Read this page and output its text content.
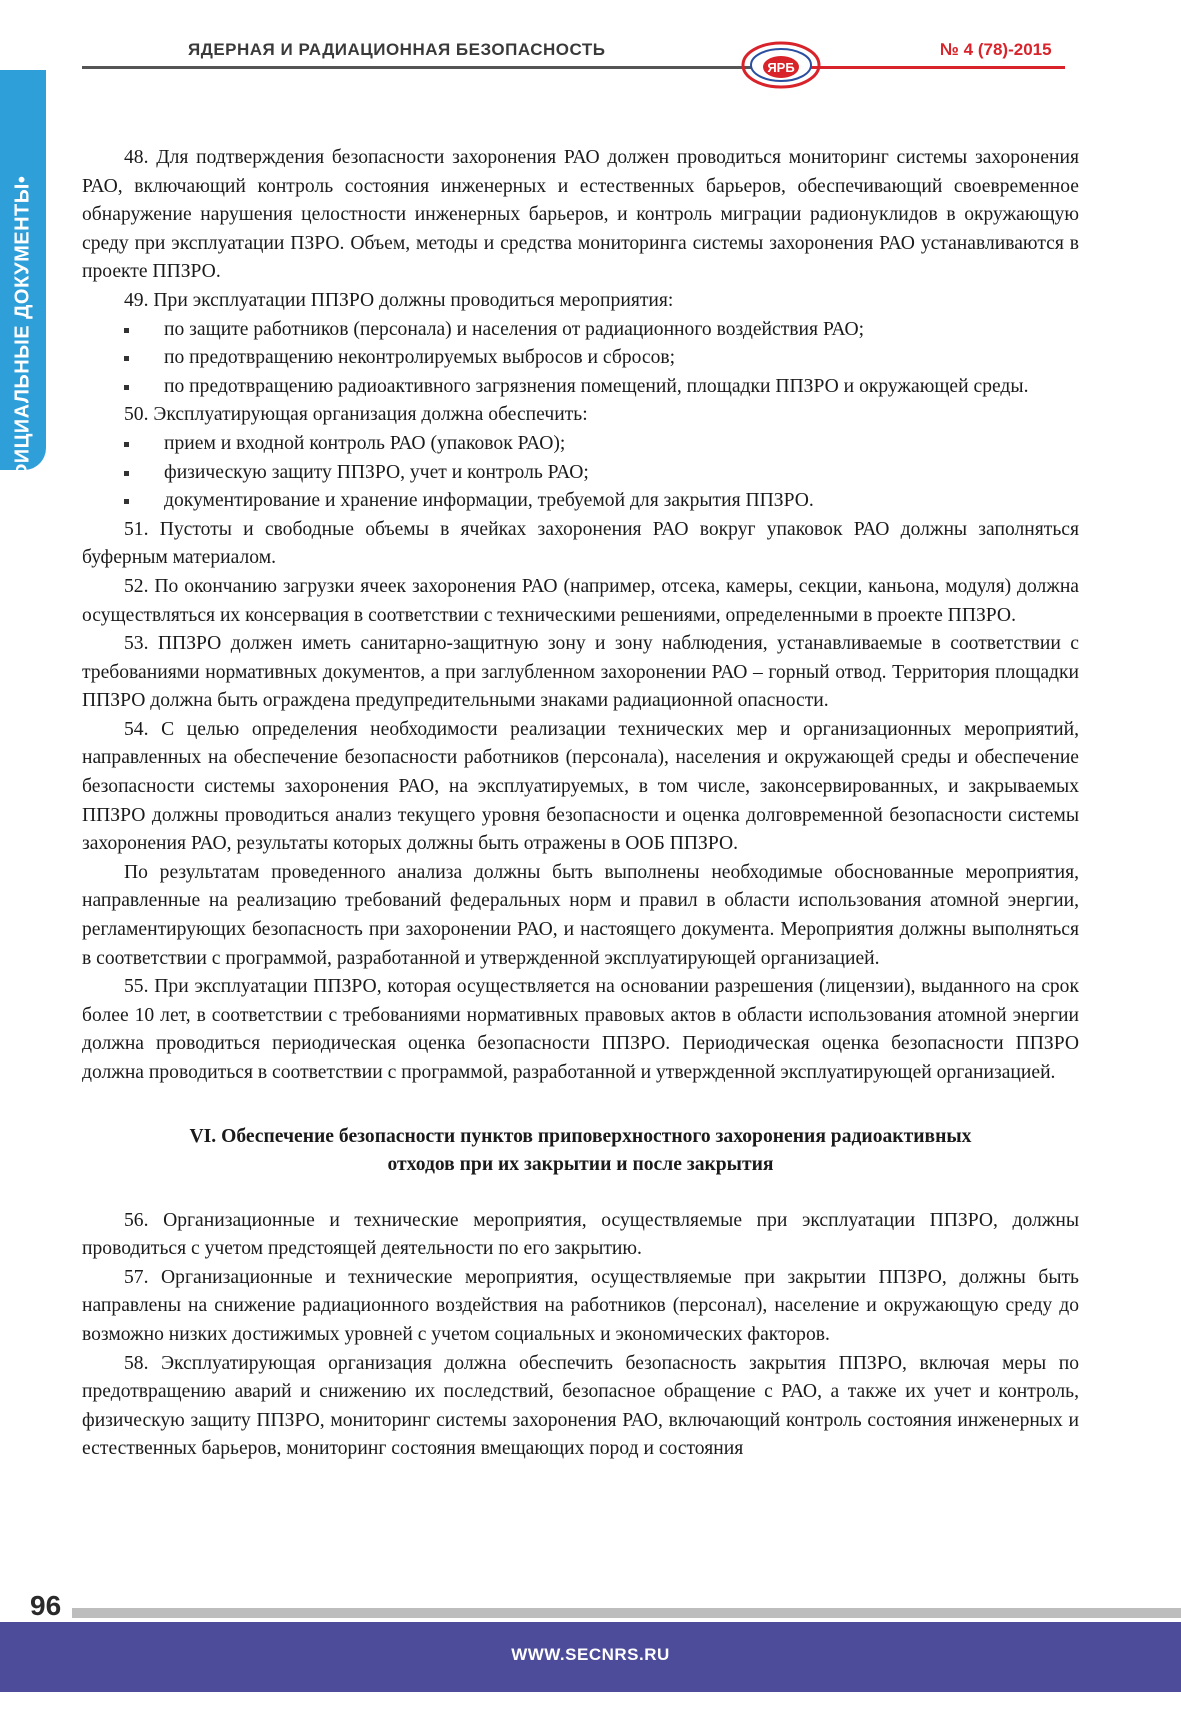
ЯДЕРНАЯ И РАДИАЦИОННАЯ БЕЗОПАСНОСТЬ
ЯРБ
№ 4 (78)-2015
•ОФИЦИАЛЬНЫЕ ДОКУМЕНТЫ•

48. Для подтверждения безопасности захоронения РАО должен проводиться мониторинг системы захоронения РАО, включающий контроль состояния инженерных и естественных барьеров, обеспечивающий своевременное обнаружение нарушения целостности инженерных барьеров, и контроль миграции радионуклидов в окружающую среду при эксплуатации ПЗРО. Объем, методы и средства мониторинга системы захоронения РАО устанавливаются в проекте ППЗРО.

49. При эксплуатации ППЗРО должны проводиться мероприятия:

по защите работников (персонала) и населения от радиационного воздействия РАО;

по предотвращению неконтролируемых выбросов и сбросов;

по предотвращению радиоактивного загрязнения помещений, площадки ППЗРО и окружающей среды.

50. Эксплуатирующая организация должна обеспечить:

прием и входной контроль РАО (упаковок РАО);

физическую защиту ППЗРО, учет и контроль РАО;

документирование и хранение информации, требуемой для закрытия ППЗРО.

51. Пустоты и свободные объемы в ячейках захоронения РАО вокруг упаковок РАО должны заполняться буферным материалом.

52. По окончанию загрузки ячеек захоронения РАО (например, отсека, камеры, секции, каньона, модуля) должна осуществляться их консервация в соответствии с техническими решениями, определенными в проекте ППЗРО.

53. ППЗРО должен иметь санитарно-защитную зону и зону наблюдения, устанавливаемые в соответствии с требованиями нормативных документов, а при заглубленном захоронении РАО – горный отвод. Территория площадки ППЗРО должна быть ограждена предупредительными знаками радиационной опасности.

54. С целью определения необходимости реализации технических мер и организационных мероприятий, направленных на обеспечение безопасности работников (персонала), населения и окружающей среды и обеспечение безопасности системы захоронения РАО, на эксплуатируемых, в том числе, законсервированных, и закрываемых ППЗРО должны проводиться анализ текущего уровня безопасности и оценка долговременной безопасности системы захоронения РАО, результаты которых должны быть отражены в ООБ ППЗРО.

По результатам проведенного анализа должны быть выполнены необходимые обоснованные мероприятия, направленные на реализацию требований федеральных норм и правил в области использования атомной энергии, регламентирующих безопасность при захоронении РАО, и настоящего документа. Мероприятия должны выполняться в соответствии с программой, разработанной и утвержденной эксплуатирующей организацией.

55. При эксплуатации ППЗРО, которая осуществляется на основании разрешения (лицензии), выданного на срок более 10 лет, в соответствии с требованиями нормативных правовых актов в области использования атомной энергии должна проводиться периодическая оценка безопасности ППЗРО. Периодическая оценка безопасности ППЗРО должна проводиться в соответствии с программой, разработанной и утвержденной эксплуатирующей организацией.

VI. Обеспечение безопасности пунктов приповерхностного захоронения радиоактивных
отходов при их закрытии и после закрытия

56. Организационные и технические мероприятия, осуществляемые при эксплуатации ППЗРО, должны проводиться с учетом предстоящей деятельности по его закрытию.

57. Организационные и технические мероприятия, осуществляемые при закрытии ППЗРО, должны быть направлены на снижение радиационного воздействия на работников (персонал), население и окружающую среду до возможно низких достижимых уровней с учетом социальных и экономических факторов.

58. Эксплуатирующая организация должна обеспечить безопасность закрытия ППЗРО, включая меры по предотвращению аварий и снижению их последствий, безопасное обращение с РАО, а также их учет и контроль, физическую защиту ППЗРО, мониторинг системы захоронения РАО, включающий контроль состояния инженерных и естественных барьеров, мониторинг состояния вмещающих пород и состояния

96
WWW.SECNRS.RU
